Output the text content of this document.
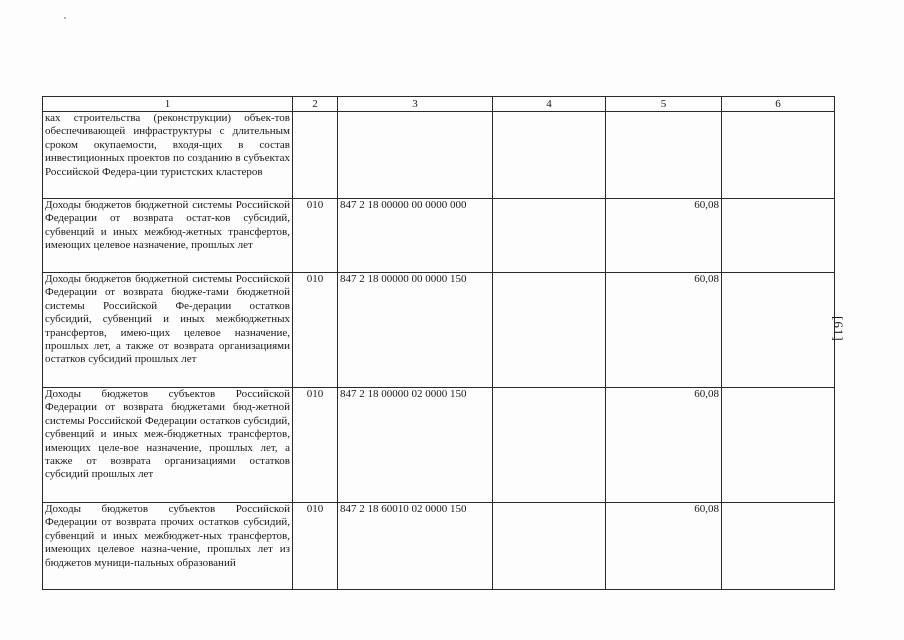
1	2	3	4	5	6
ках строительства (реконструкции) объек-тов обеспечивающей инфраструктуры с длительным сроком окупаемости, входя-щих в состав инвестиционных проектов по созданию в субъектах Российской Федера-ции туристских кластеров					
Доходы бюджетов бюджетной системы Российской Федерации от возврата остат-ков субсидий, субвенций и иных межбюд-жетных трансфертов, имеющих целевое назначение, прошлых лет	010	847 2 18 00000 00 0000 000		60,08	
Доходы бюджетов бюджетной системы Российской Федерации от возврата бюдже-тами бюджетной системы Российской Фе-дерации остатков субсидий, субвенций и иных межбюджетных трансфертов, имею-щих целевое назначение, прошлых лет, а также от возврата организациями остатков субсидий прошлых лет	010	847 2 18 00000 00 0000 150		60,08	
Доходы бюджетов субъектов Российской Федерации от возврата бюджетами бюд-жетной системы Российской Федерации остатков субсидий, субвенций и иных меж-бюджетных трансфертов, имеющих целе-вое назначение, прошлых лет, а также от возврата организациями остатков субсидий прошлых лет	010	847 2 18 00000 02 0000 150		60,08	
Доходы бюджетов субъектов Российской Федерации от возврата прочих остатков субсидий, субвенций и иных межбюджет-ных трансфертов, имеющих целевое назна-чение, прошлых лет из бюджетов муници-пальных образований	010	847 2 18 60010 02 0000 150		60,08	
[61]
